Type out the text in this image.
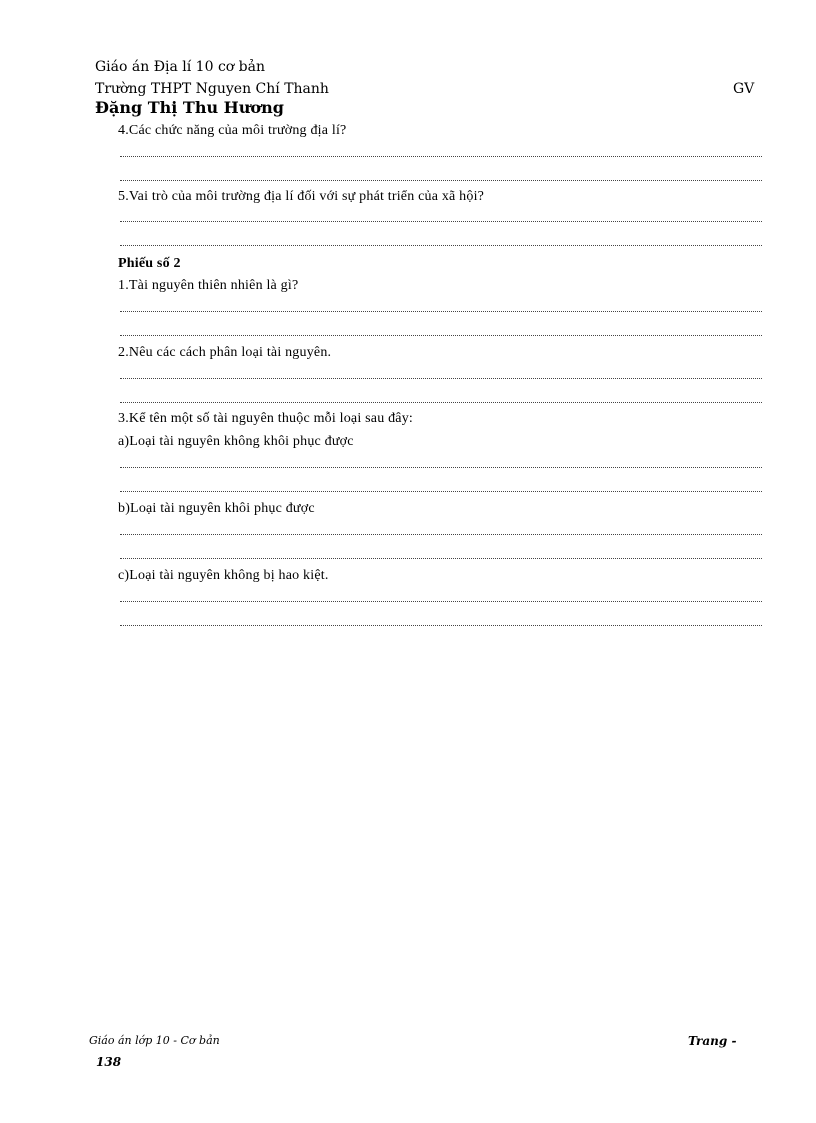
Giáo án Địa lí 10 cơ bản
Trường THPT Nguyen Chí Thanh	GV
Đặng Thị Thu Hương
4.Các chức năng của môi trường địa lí?
5.Vai trò của môi trường địa lí đối với sự phát triển của xã hội?
Phiếu số 2
1.Tài nguyên thiên nhiên là gì?
2.Nêu các cách phân loại tài nguyên.
3.Kể tên một số tài nguyên thuộc mỗi loại sau đây:
a)Loại tài nguyên không khôi phục được
b)Loại tài nguyên khôi phục được
c)Loại tài nguyên không bị hao kiệt.
Giáo án lớp 10 - Cơ bản	Trang -
138
